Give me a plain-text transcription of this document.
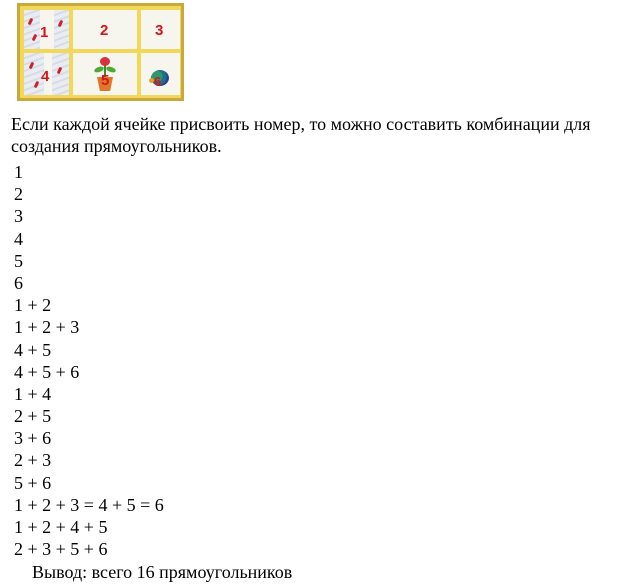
1	2	3
4	5	6

Если каждой ячейке присвоить номер, то можно составить комбинации для создания прямоугольников.

1
2
3
4
5
6
1 + 2
1 + 2 + 3
4 + 5
4 + 5 + 6
1 + 4
2 + 5
3 + 6
2 + 3
5 + 6
1 + 2 + 3 = 4 + 5 = 6
1 + 2 + 4 + 5
2 + 3 + 5 + 6

Вывод: всего 16 прямоугольников
